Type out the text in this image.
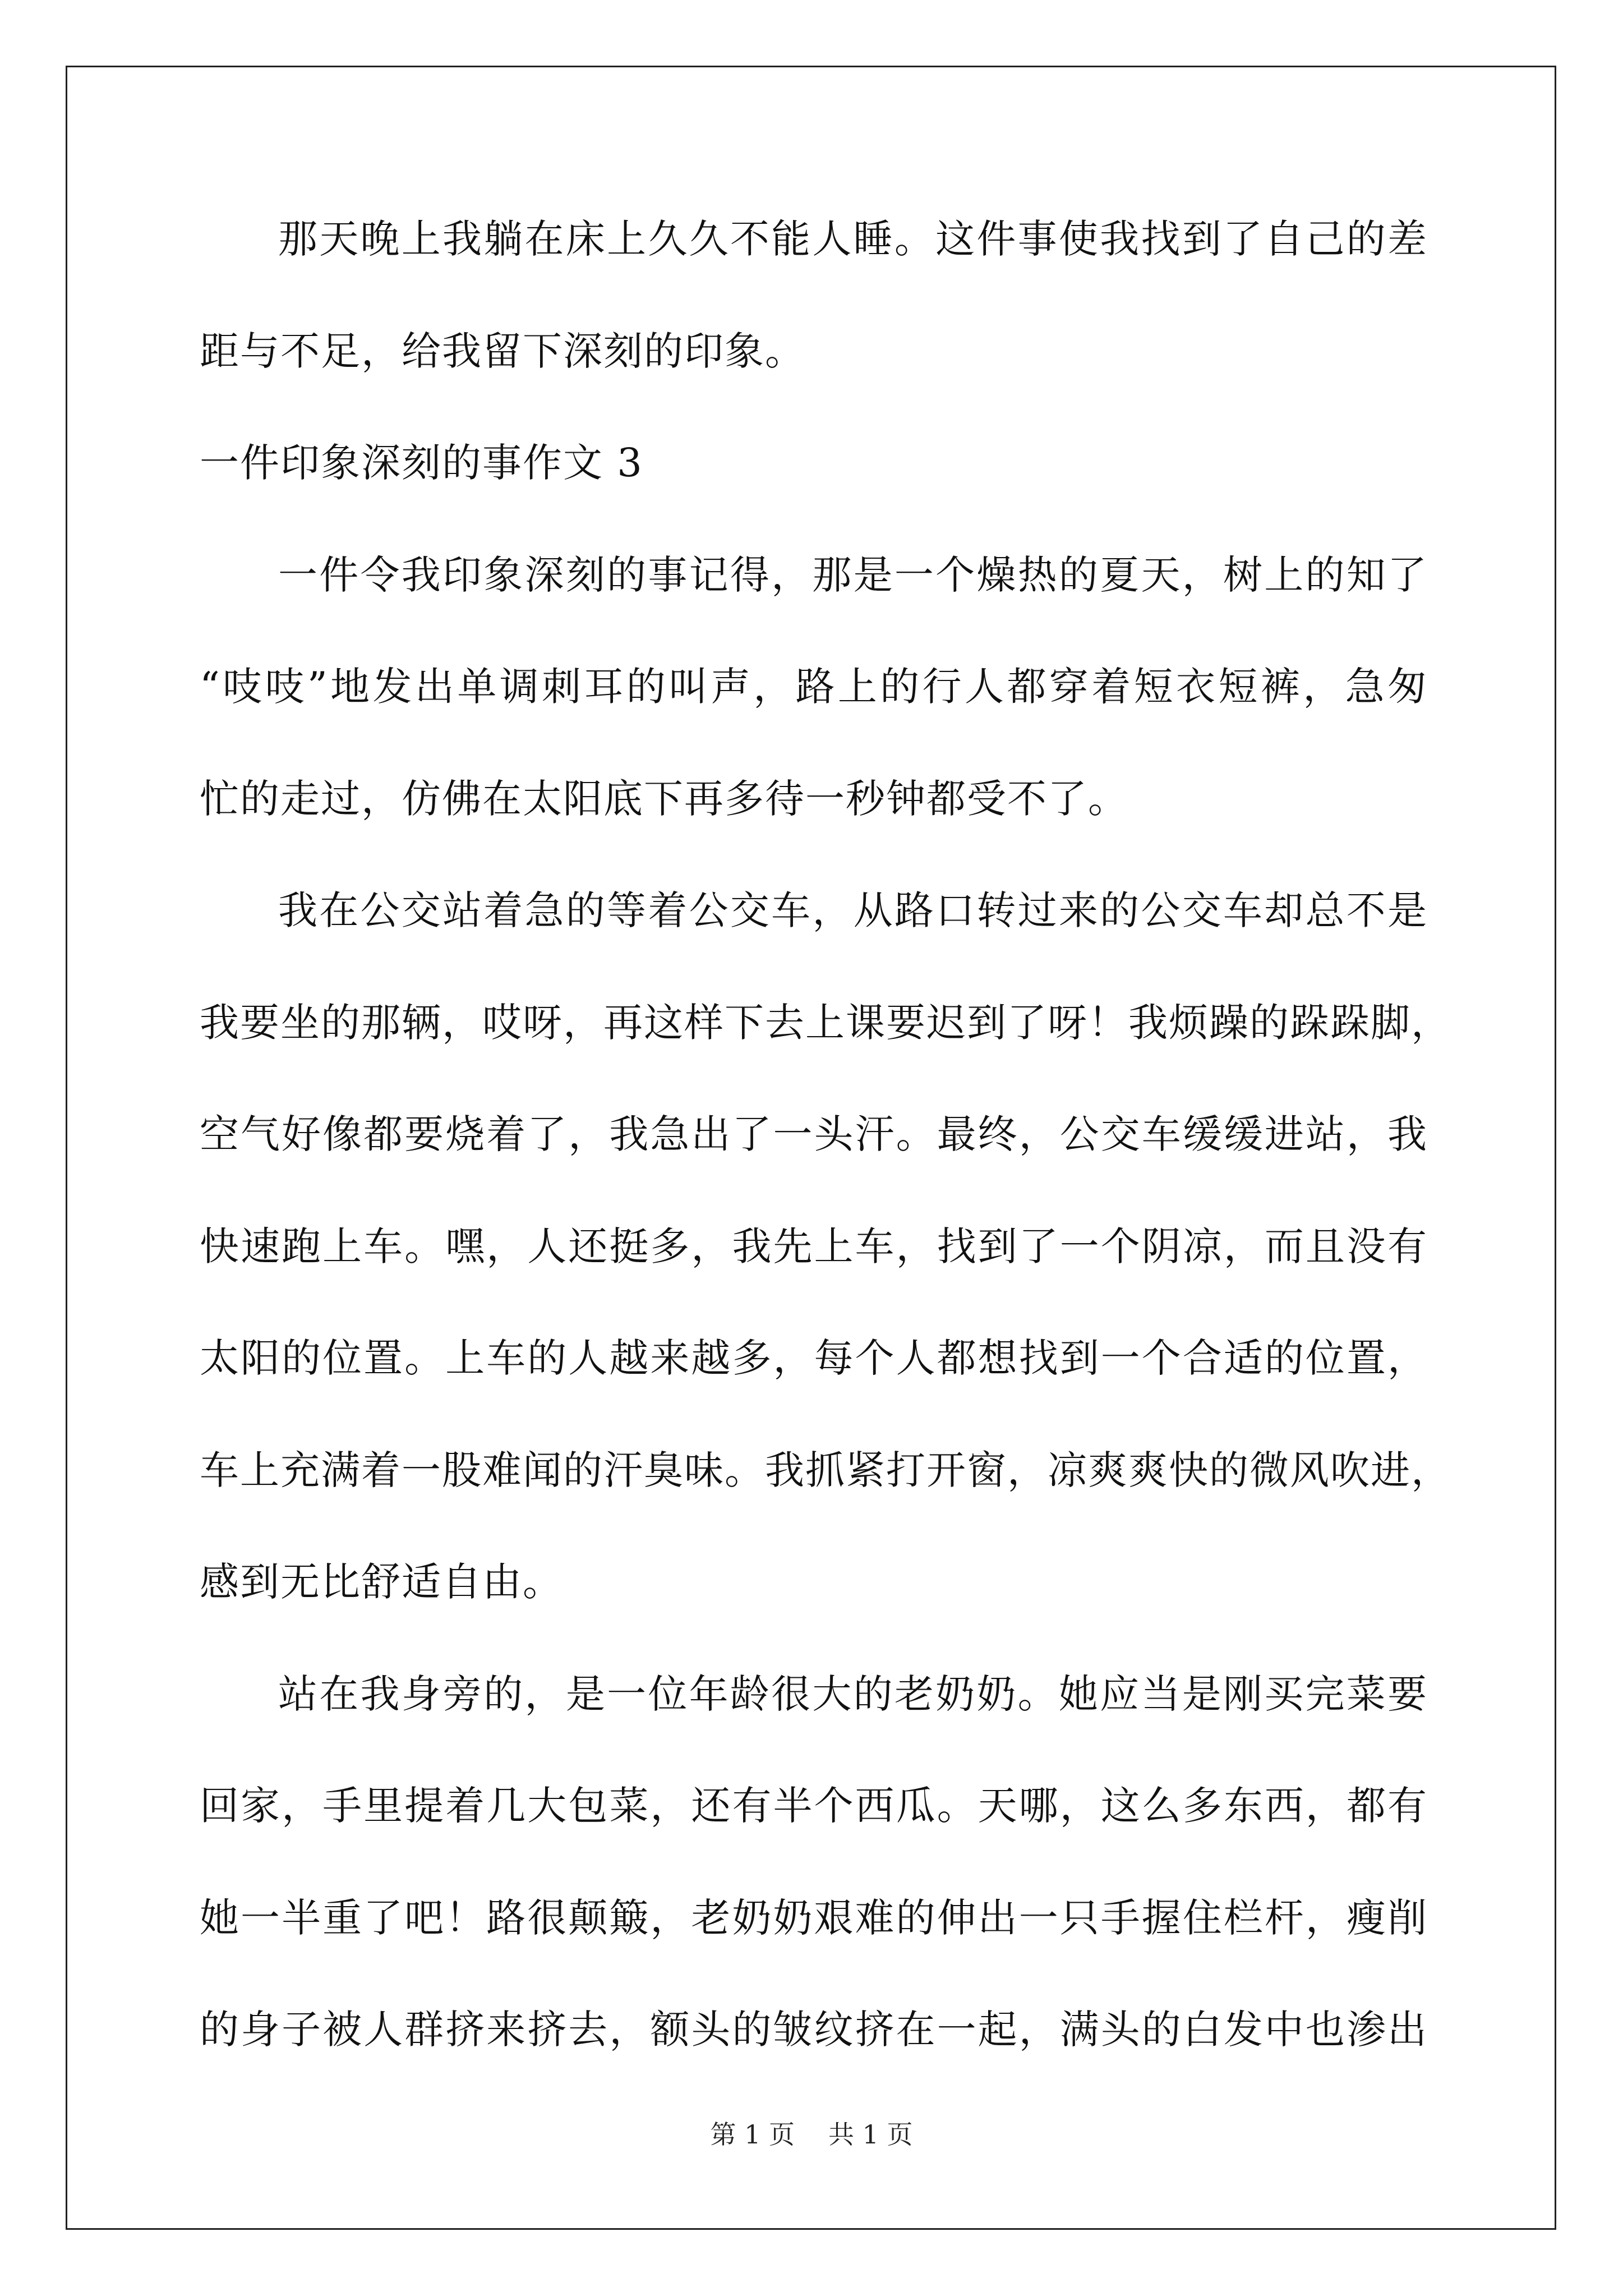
那天晚上我躺在床上久久不能人睡。这件事使我找到了自己的差
距与不足，给我留下深刻的印象。
一件印象深刻的事作文 3
一件令我印象深刻的事记得，那是一个燥热的夏天，树上的知了
“吱吱”地发出单调刺耳的叫声，路上的行人都穿着短衣短裤，急匆
忙的走过，仿佛在太阳底下再多待一秒钟都受不了。
我在公交站着急的等着公交车，从路口转过来的公交车却总不是
我要坐的那辆，哎呀，再这样下去上课要迟到了呀！我烦躁的跺跺脚，
空气好像都要烧着了，我急出了一头汗。最终，公交车缓缓进站，我
快速跑上车。嘿，人还挺多，我先上车，找到了一个阴凉，而且没有
太阳的位置。上车的人越来越多，每个人都想找到一个合适的位置，
车上充满着一股难闻的汗臭味。我抓紧打开窗，凉爽爽快的微风吹进，
感到无比舒适自由。
站在我身旁的，是一位年龄很大的老奶奶。她应当是刚买完菜要
回家，手里提着几大包菜，还有半个西瓜。天哪，这么多东西，都有
她一半重了吧！路很颠簸，老奶奶艰难的伸出一只手握住栏杆，瘦削
的身子被人群挤来挤去，额头的皱纹挤在一起，满头的白发中也渗出
第 1 页 共 1 页
